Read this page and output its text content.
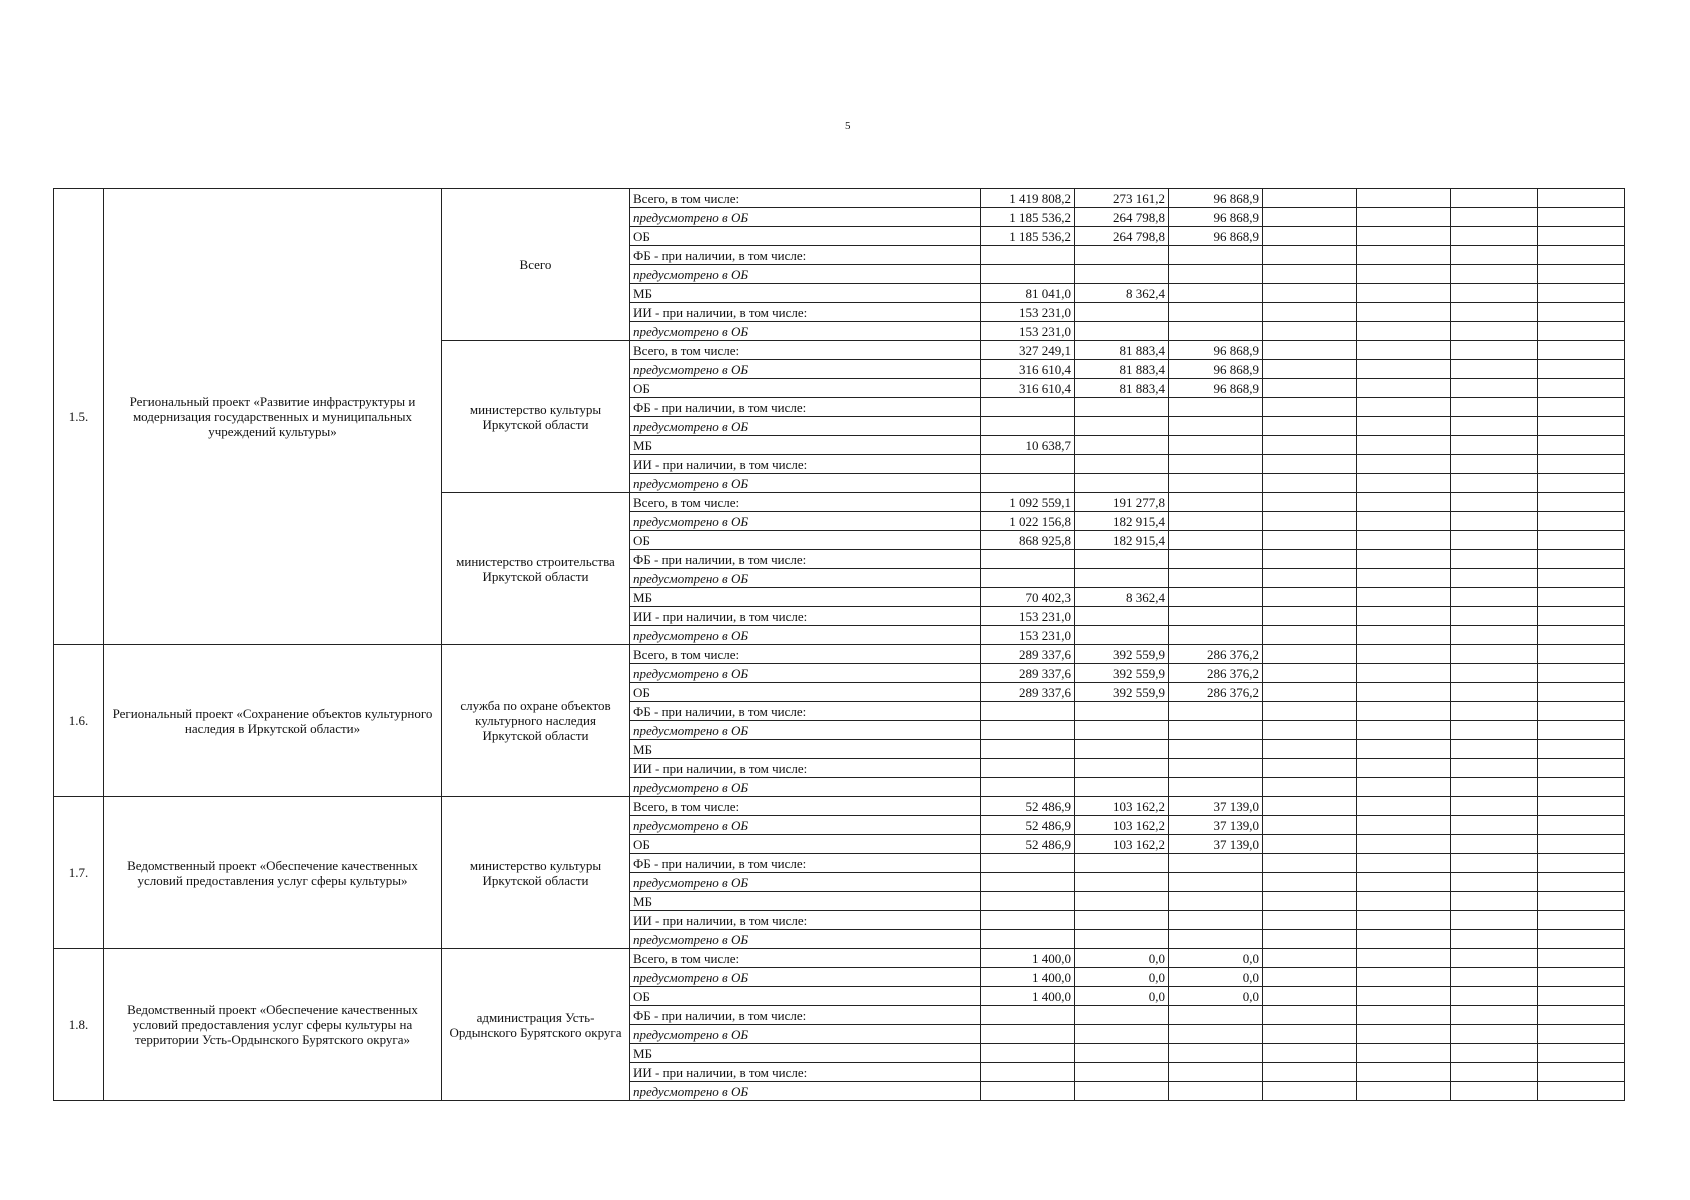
5
1.5.	Региональный проект «Развитие инфраструктуры и модернизация государственных и муниципальных учреждений культуры»	Всего	Всего, в том числе:	1 419 808,2	273 161,2	96 868,9				
			предусмотрено в ОБ	1 185 536,2	264 798,8	96 868,9				
			ОБ	1 185 536,2	264 798,8	96 868,9				
			ФБ - при наличии, в том числе:							
			предусмотрено в ОБ							
			МБ	81 041,0	8 362,4					
			ИИ - при наличии, в том числе:	153 231,0						
			предусмотрено в ОБ	153 231,0						
		министерство культуры Иркутской области	Всего, в том числе:	327 249,1	81 883,4	96 868,9				
			предусмотрено в ОБ	316 610,4	81 883,4	96 868,9				
			ОБ	316 610,4	81 883,4	96 868,9				
			ФБ - при наличии, в том числе:							
			предусмотрено в ОБ							
			МБ	10 638,7						
			ИИ - при наличии, в том числе:							
			предусмотрено в ОБ							
		министерство строительства Иркутской области	Всего, в том числе:	1 092 559,1	191 277,8					
			предусмотрено в ОБ	1 022 156,8	182 915,4					
			ОБ	868 925,8	182 915,4					
			ФБ - при наличии, в том числе:							
			предусмотрено в ОБ							
			МБ	70 402,3	8 362,4					
			ИИ - при наличии, в том числе:	153 231,0						
			предусмотрено в ОБ	153 231,0						
1.6.	Региональный проект «Сохранение объектов культурного наследия в Иркутской области»	служба по охране объектов культурного наследия Иркутской области	Всего, в том числе:	289 337,6	392 559,9	286 376,2				
			предусмотрено в ОБ	289 337,6	392 559,9	286 376,2				
			ОБ	289 337,6	392 559,9	286 376,2				
			ФБ - при наличии, в том числе:							
			предусмотрено в ОБ							
			МБ							
			ИИ - при наличии, в том числе:							
			предусмотрено в ОБ							
1.7.	Ведомственный проект «Обеспечение качественных условий предоставления услуг сферы культуры»	министерство культуры Иркутской области	Всего, в том числе:	52 486,9	103 162,2	37 139,0				
			предусмотрено в ОБ	52 486,9	103 162,2	37 139,0				
			ОБ	52 486,9	103 162,2	37 139,0				
			ФБ - при наличии, в том числе:							
			предусмотрено в ОБ							
			МБ							
			ИИ - при наличии, в том числе:							
			предусмотрено в ОБ							
1.8.	Ведомственный проект «Обеспечение качественных условий предоставления услуг сферы культуры на территории Усть-Ордынского Бурятского округа»	администрация Усть-Ордынского Бурятского округа	Всего, в том числе:	1 400,0	0,0	0,0				
			предусмотрено в ОБ	1 400,0	0,0	0,0				
			ОБ	1 400,0	0,0	0,0				
			ФБ - при наличии, в том числе:							
			предусмотрено в ОБ							
			МБ							
			ИИ - при наличии, в том числе:							
			предусмотрено в ОБ							
